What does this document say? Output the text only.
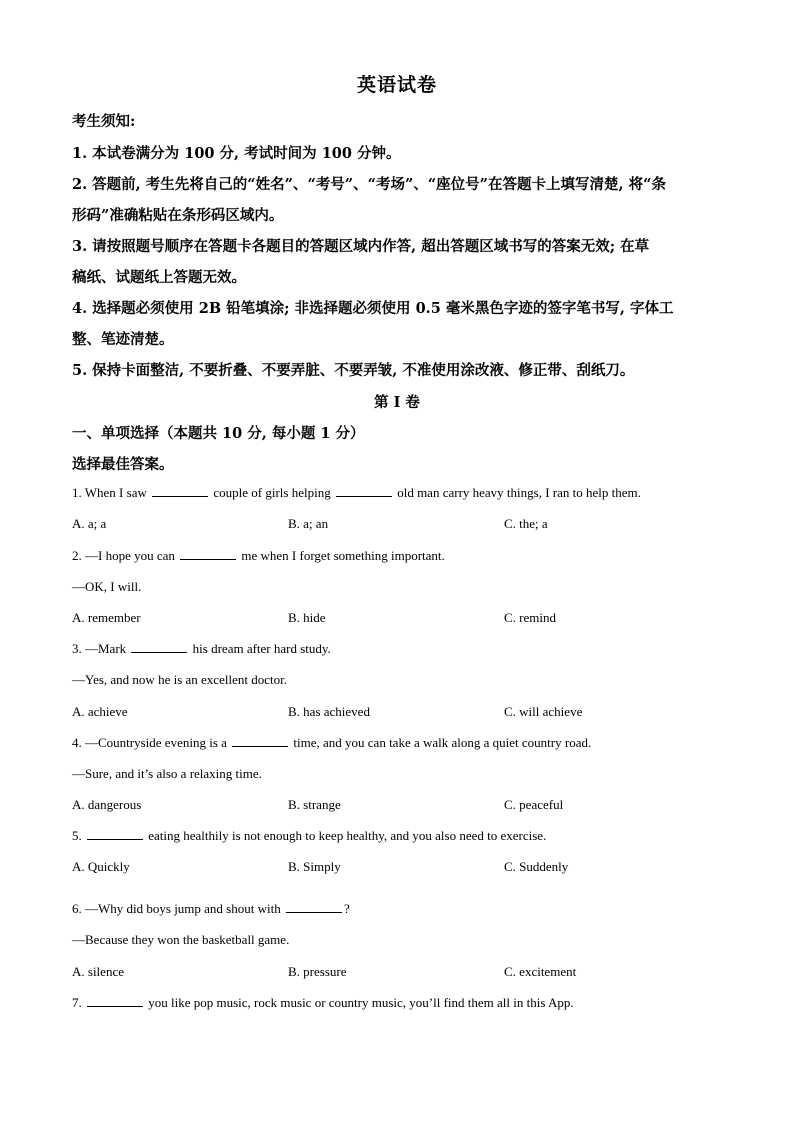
英语试卷
考生须知:
1. 本试卷满分为 100 分, 考试时间为 100 分钟。
2. 答题前, 考生先将自己的“姓名”、“考号”、“考场”、“座位号”在答题卡上填写清楚, 将“条
形码”准确粘贴在条形码区域内。
3. 请按照题号顺序在答题卡各题目的答题区域内作答, 超出答题区域书写的答案无效; 在草
稿纸、试题纸上答题无效。
4. 选择题必须使用 2B 铅笔填涂; 非选择题必须使用 0.5 毫米黑色字迹的签字笔书写, 字体工
整、笔迹清楚。
5. 保持卡面整洁, 不要折叠、不要弄脏、不要弄皱, 不准使用涂改液、修正带、刮纸刀。
第 I 卷
一、单项选择（本题共 10 分, 每小题 1 分）
选择最佳答案。
1. When I saw	couple of girls helping	old man carry heavy things, I ran to help them.
A. a; a	B. a; an	C. the; a
2. —I hope you can	me when I forget something important.
—OK, I will.
A. remember	B. hide	C. remind
3. —Mark	his dream after hard study.
—Yes, and now he is an excellent doctor.
A. achieve	B. has achieved	C. will achieve
4. —Countryside evening is a	time, and you can take a walk along a quiet country road.
—Sure, and it’s also a relaxing time.
A. dangerous	B. strange	C. peaceful
5.	eating healthily is not enough to keep healthy, and you also need to exercise.
A. Quickly	B. Simply	C. Suddenly
6. —Why did boys jump and shout with	?
—Because they won the basketball game.
A. silence	B. pressure	C. excitement
7.	you like pop music, rock music or country music, you’ll find them all in this App.
